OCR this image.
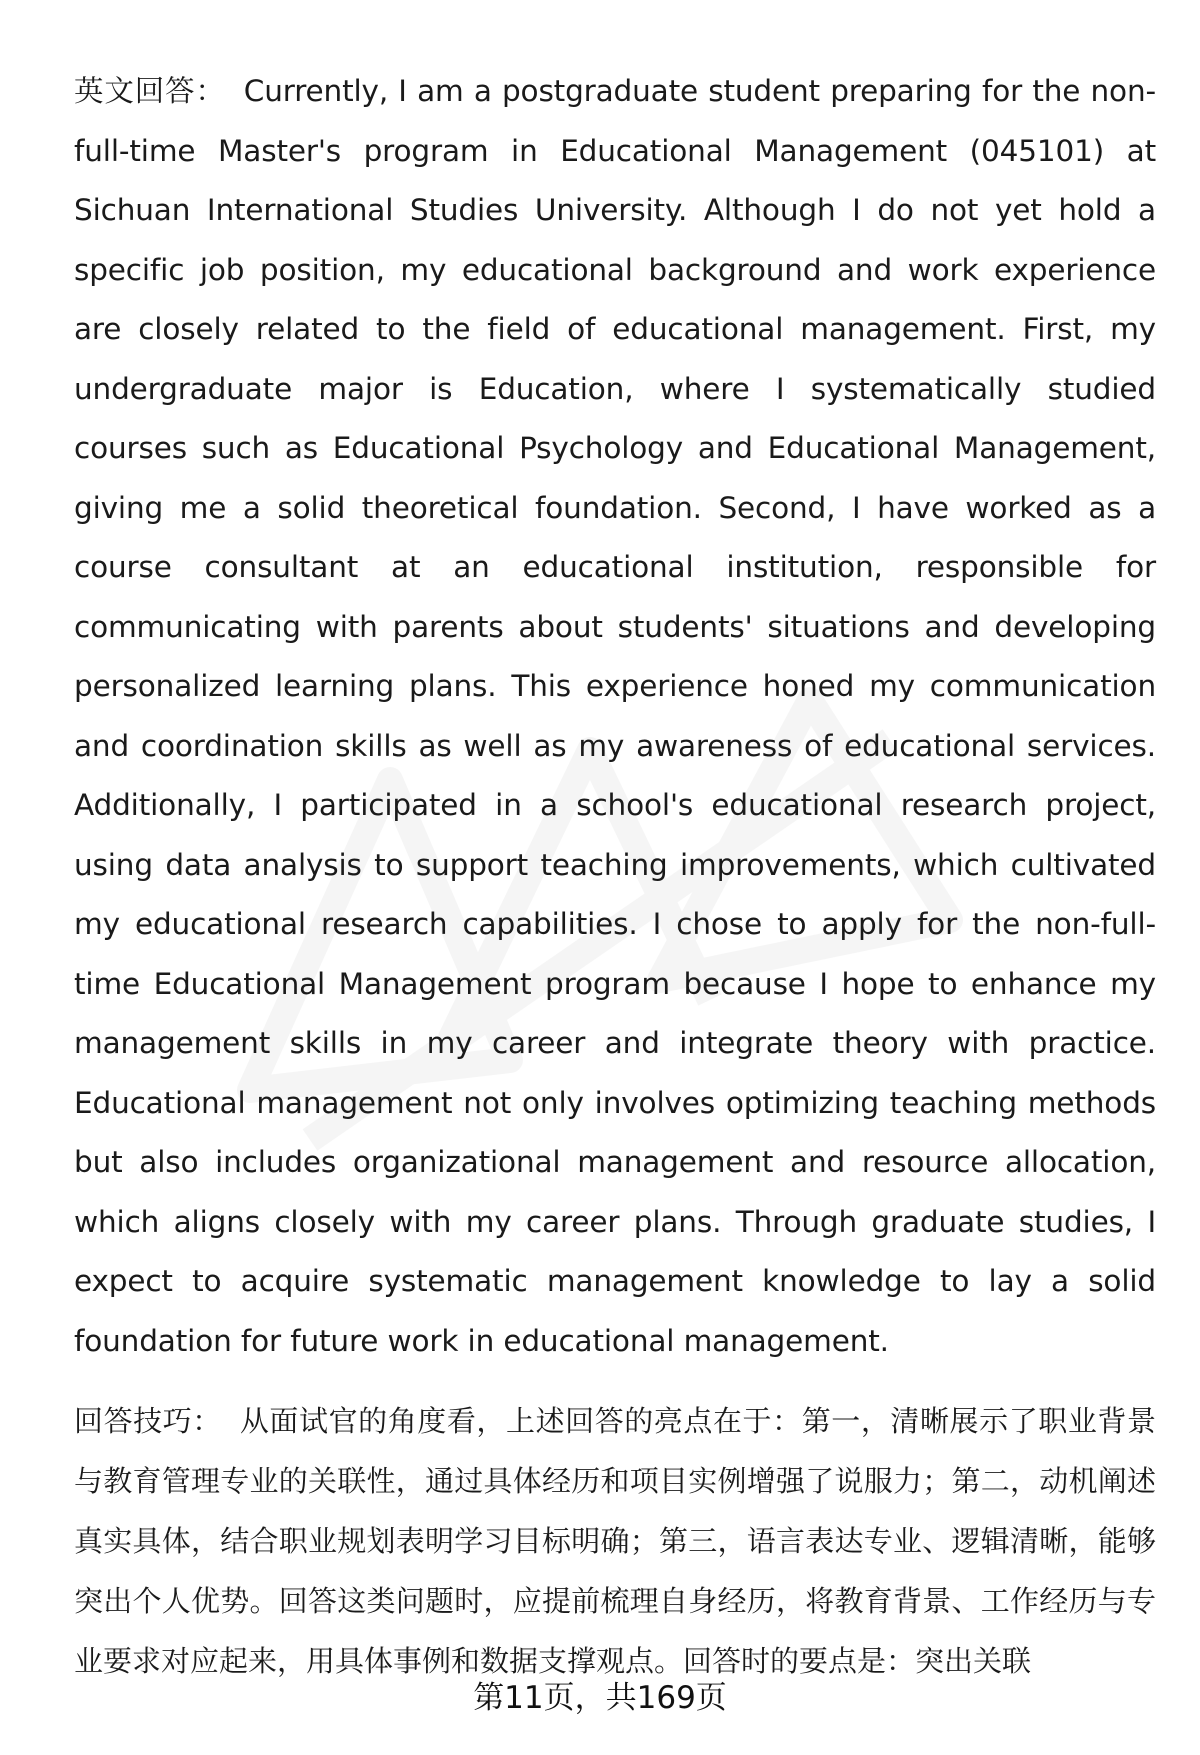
英文回答： Currently, I am a postgraduate student preparing for the non-full-time Master's program in Educational Management (045101) at Sichuan International Studies University. Although I do not yet hold a specific job position, my educational background and work experience are closely related to the field of educational management. First, my undergraduate major is Education, where I systematically studied courses such as Educational Psychology and Educational Management, giving me a solid theoretical foundation. Second, I have worked as a course consultant at an educational institution, responsible for communicating with parents about students' situations and developing personalized learning plans. This experience honed my communication and coordination skills as well as my awareness of educational services. Additionally, I participated in a school's educational research project, using data analysis to support teaching improvements, which cultivated my educational research capabilities. I chose to apply for the non-full-time Educational Management program because I hope to enhance my management skills in my career and integrate theory with practice. Educational management not only involves optimizing teaching methods but also includes organizational management and resource allocation, which aligns closely with my career plans. Through graduate studies, I expect to acquire systematic management knowledge to lay a solid foundation for future work in educational management.

回答技巧： 从面试官的角度看，上述回答的亮点在于：第一，清晰展示了职业背景与教育管理专业的关联性，通过具体经历和项目实例增强了说服力；第二，动机阐述真实具体，结合职业规划表明学习目标明确；第三，语言表达专业、逻辑清晰，能够突出个人优势。回答这类问题时，应提前梳理自身经历，将教育背景、工作经历与专业要求对应起来，用具体事例和数据支撑观点。回答时的要点是：突出关联

第11页，共169页
